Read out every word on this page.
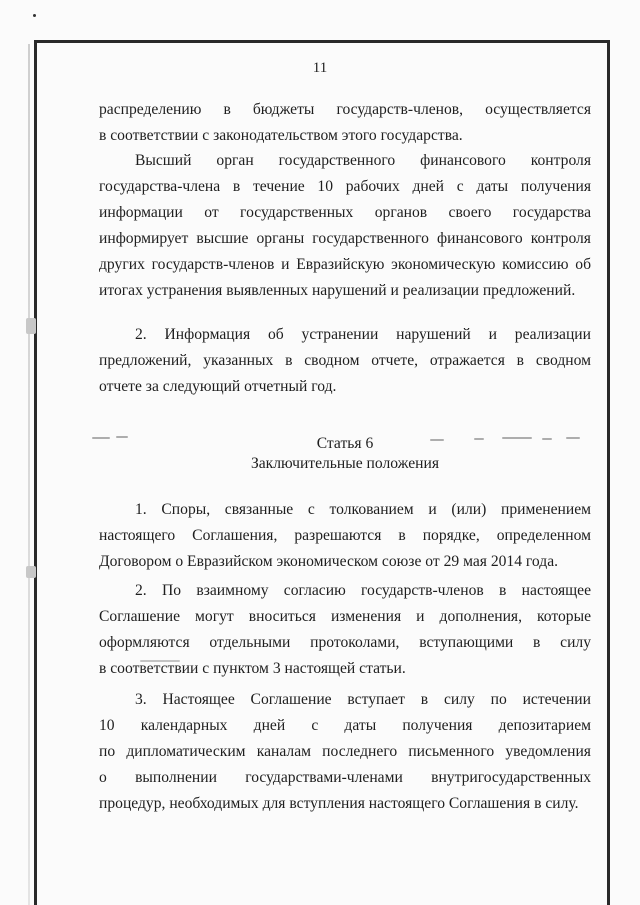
11
распределению в бюджеты государств-членов, осуществляется
в соответствии с законодательством этого государства.
Высший орган государственного финансового контроля
государства-члена в течение 10 рабочих дней с даты получения
информации от государственных органов своего государства
информирует высшие органы государственного финансового контроля
других государств-членов и Евразийскую экономическую комиссию об
итогах устранения выявленных нарушений и реализации предложений.
2. Информация об устранении нарушений и реализации
предложений, указанных в сводном отчете, отражается в сводном
отчете за следующий отчетный год.
Статья 6
Заключительные положения
1. Споры, связанные с толкованием и (или) применением
настоящего Соглашения, разрешаются в порядке, определенном
Договором о Евразийском экономическом союзе от 29 мая 2014 года.
2. По взаимному согласию государств-членов в настоящее
Соглашение могут вноситься изменения и дополнения, которые
оформляются отдельными протоколами, вступающими в силу
в соответствии с пунктом 3 настоящей статьи.
3. Настоящее Соглашение вступает в силу по истечении
10 календарных дней с даты получения депозитарием
по дипломатическим каналам последнего письменного уведомления
о выполнении государствами-членами внутригосударственных
процедур, необходимых для вступления настоящего Соглашения в силу.
